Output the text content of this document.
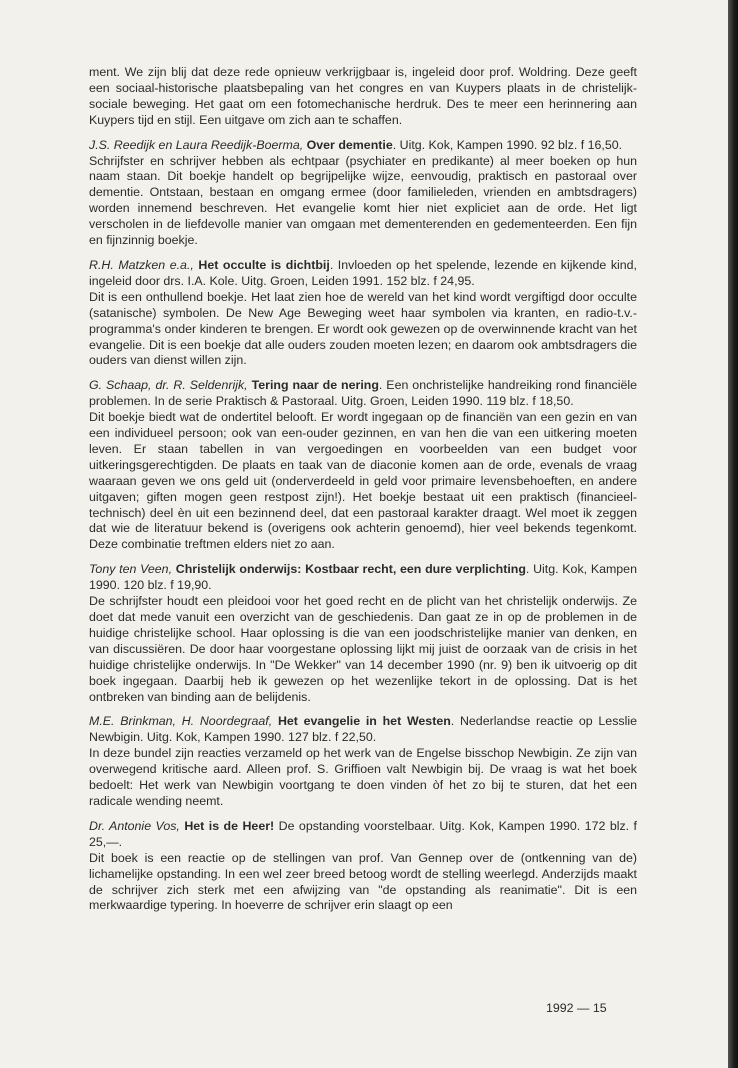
ment. We zijn blij dat deze rede opnieuw verkrijgbaar is, ingeleid door prof. Woldring. Deze geeft een sociaal-historische plaatsbepaling van het congres en van Kuypers plaats in de christelijk-sociale beweging. Het gaat om een fotomechanische herdruk. Des te meer een herinnering aan Kuypers tijd en stijl. Een uitgave om zich aan te schaffen.

J.S. Reedijk en Laura Reedijk-Boerma, Over dementie. Uitg. Kok, Kampen 1990. 92 blz. f 16,50.

Schrijfster en schrijver hebben als echtpaar (psychiater en predikante) al meer boeken op hun naam staan. Dit boekje handelt op begrijpelijke wijze, eenvoudig, praktisch en pastoraal over dementie. Ontstaan, bestaan en omgang ermee (door familieleden, vrienden en ambtsdragers) worden innemend beschreven. Het evangelie komt hier niet expliciet aan de orde. Het ligt verscholen in de liefdevolle manier van omgaan met dementerenden en gedementeerden. Een fijn en fijnzinnig boekje.

R.H. Matzken e.a., Het occulte is dichtbij. Invloeden op het spelende, lezende en kijkende kind, ingeleid door drs. I.A. Kole. Uitg. Groen, Leiden 1991. 152 blz. f 24,95.

Dit is een onthullend boekje. Het laat zien hoe de wereld van het kind wordt vergiftigd door occulte (satanische) symbolen. De New Age Beweging weet haar symbolen via kranten, en radio-t.v.-programma's onder kinderen te brengen. Er wordt ook gewezen op de overwinnende kracht van het evangelie. Dit is een boekje dat alle ouders zouden moeten lezen; en daarom ook ambtsdragers die ouders van dienst willen zijn.

G. Schaap, dr. R. Seldenrijk, Tering naar de nering. Een onchristelijke handreiking rond financiële problemen. In de serie Praktisch & Pastoraal. Uitg. Groen, Leiden 1990. 119 blz. f 18,50.

Dit boekje biedt wat de ondertitel belooft. Er wordt ingegaan op de financiën van een gezin en van een individueel persoon; ook van een-ouder gezinnen, en van hen die van een uitkering moeten leven. Er staan tabellen in van vergoedingen en voorbeelden van een budget voor uitkeringsgerechtigden. De plaats en taak van de diaconie komen aan de orde, evenals de vraag waaraan geven we ons geld uit (onderverdeeld in geld voor primaire levensbehoeften, en andere uitgaven; giften mogen geen restpost zijn!). Het boekje bestaat uit een praktisch (financieel-technisch) deel èn uit een bezinnend deel, dat een pastoraal karakter draagt. Wel moet ik zeggen dat wie de literatuur bekend is (overigens ook achterin genoemd), hier veel bekends tegenkomt. Deze combinatie treftmen elders niet zo aan.

Tony ten Veen, Christelijk onderwijs: Kostbaar recht, een dure verplichting. Uitg. Kok, Kampen 1990. 120 blz. f 19,90.

De schrijfster houdt een pleidooi voor het goed recht en de plicht van het christelijk onderwijs. Ze doet dat mede vanuit een overzicht van de geschiedenis. Dan gaat ze in op de problemen in de huidige christelijke school. Haar oplossing is die van een joodschristelijke manier van denken, en van discussiëren. De door haar voorgestane oplossing lijkt mij juist de oorzaak van de crisis in het huidige christelijke onderwijs. In "De Wekker" van 14 december 1990 (nr. 9) ben ik uitvoerig op dit boek ingegaan. Daarbij heb ik gewezen op het wezenlijke tekort in de oplossing. Dat is het ontbreken van binding aan de belijdenis.

M.E. Brinkman, H. Noordegraaf, Het evangelie in het Westen. Nederlandse reactie op Lesslie Newbigin. Uitg. Kok, Kampen 1990. 127 blz. f 22,50.

In deze bundel zijn reacties verzameld op het werk van de Engelse bisschop Newbigin. Ze zijn van overwegend kritische aard. Alleen prof. S. Griffioen valt Newbigin bij. De vraag is wat het boek bedoelt: Het werk van Newbigin voortgang te doen vinden òf het zo bij te sturen, dat het een radicale wending neemt.

Dr. Antonie Vos, Het is de Heer! De opstanding voorstelbaar. Uitg. Kok, Kampen 1990. 172 blz. f 25,—.

Dit boek is een reactie op de stellingen van prof. Van Gennep over de (ontkenning van de) lichamelijke opstanding. In een wel zeer breed betoog wordt de stelling weerlegd. Anderzijds maakt de schrijver zich sterk met een afwijzing van "de opstanding als reanimatie". Dit is een merkwaardige typering. In hoeverre de schrijver erin slaagt op een

1992 — 15
